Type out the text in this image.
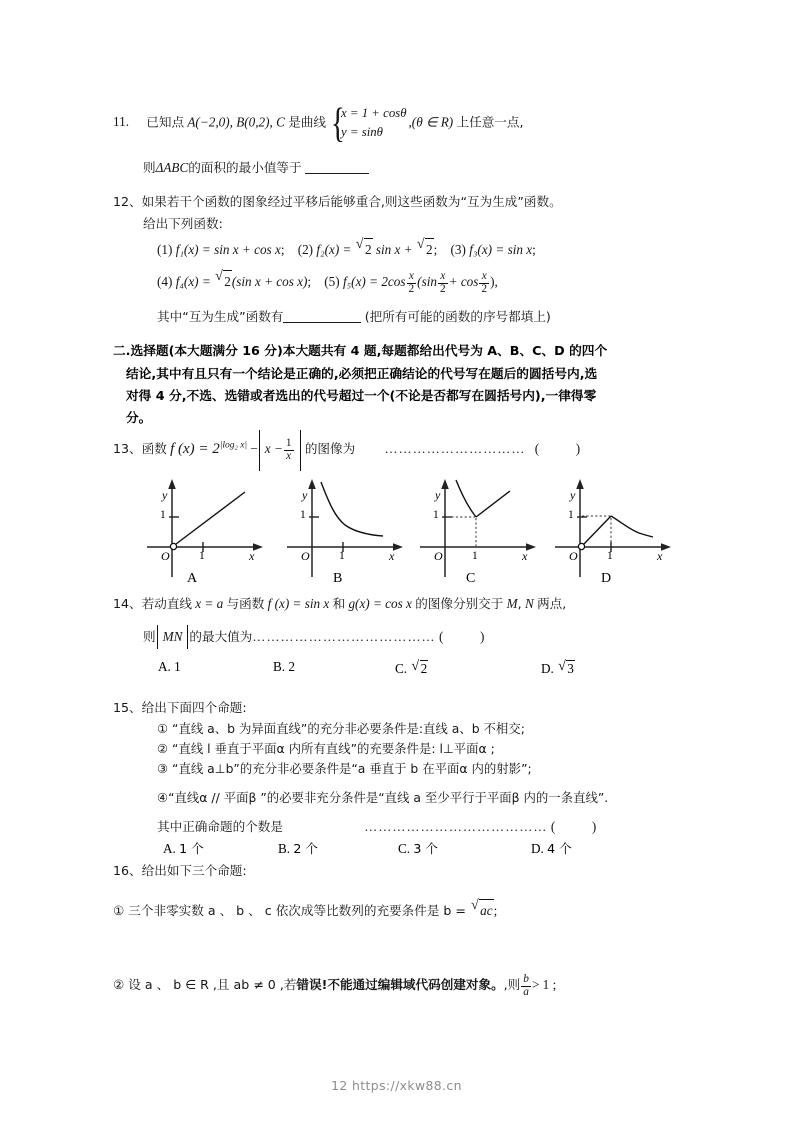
11. 已知点 A(−2,0), B(0,2), C 是曲线 {
x = 1 + cosθ
y = sinθ
,(θ ∈ R) 上任意一点,
则ΔABC的面积的最小值等于
12、如果若干个函数的图象经过平移后能够重合,则这些函数为“互为生成”函数。
给出下列函数:
(1) f₁(x) = sin x + cos x; (2) f₂(x) = √ 2 sin x + √ 2; (3) f₃(x) = sin x;
(4) f₄(x) = √ 2(sin x + cos x); (5) $f_5(x) = 2\cos \frac{x}{2} (\sin \frac{x}{2} + \cos \frac{x}{2}$ ),
其中“互为生成”函数有	(把所有可能的函数的序号都填上)
二.选择题(本大题满分 16 分)本大题共有 4 题,每题都给出代号为 A、B、C、D 的四个
结论,其中有且只有一个结论是正确的,必须把正确结论的代号写在题后的圆括号内,选
对得 4 分,不选、选错或者选出的代号超过一个(不论是否都写在圆括号内),一律得零
分。
13、函数 f $(x) = 2^{|log_2 x|} - x - \frac{1}{x}$ 的图像为 ………………………… (	)
y
x
O	1
1
A
y
x
O	1
1
B
y
x
O	1
1
C
y
x
O	1
1
D
14、若动直线 x = a 与函数 f (x) = sin x 和 g(x) = cos x 的图像分别交于 M, N 两点,
则 MN 的最大值为………………………………… (	)
A. 1	B. 2	C. √ 2	D. √ 3
15、给出下面四个命题:
① “直线 a、b 为异面直线”的充分非必要条件是:直线 a、b 不相交;
② “直线 l 垂直于平面α 内所有直线”的充要条件是: l⊥平面α ;
③ “直线 a⊥b”的充分非必要条件是“a 垂直于 b 在平面α 内的射影”;
④“直线α // 平面β ”的必要非充分条件是“直线 a 至少平行于平面β 内的一条直线”.
其中正确命题的个数是	………………………………… (	)
A. 1 个	B. 2 个	C. 3 个	D. 4 个
16、给出如下三个命题:
① 三个非零实数 a 、 b 、 c 依次成等比数列的充要条件是 b = √ ac;
② 设 a 、 b ∈ R ,且 ab ≠ 0 ,若错误!不能通过编辑域代码创建对象。,则 $\frac{b}{a} > 1$ ;
12 https://xkw88.cn
